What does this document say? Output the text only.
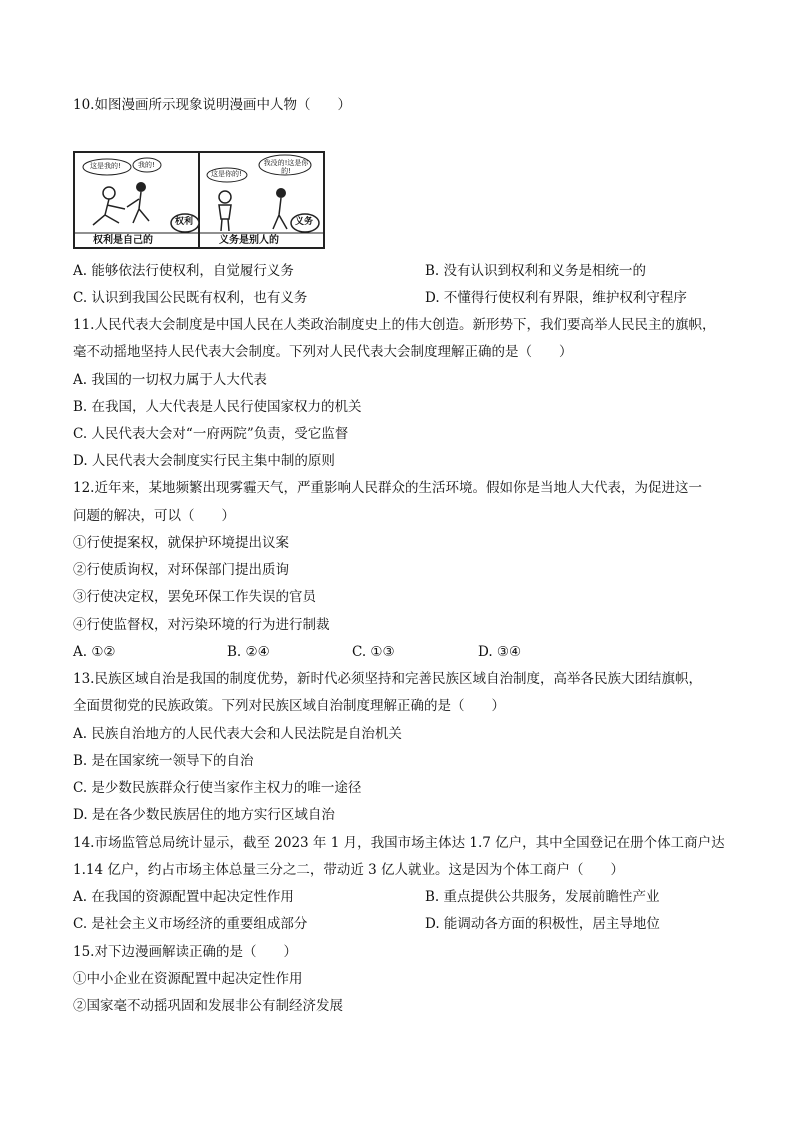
10.如图漫画所示现象说明漫画中人物（　　）
这是我的! 我的!
这是你的!
我没的!这是你的!
权利	义务
权利是自己的	义务是别人的
A. 能够依法行使权利，自觉履行义务	B. 没有认识到权利和义务是相统一的
C. 认识到我国公民既有权利，也有义务	D. 不懂得行使权利有界限，维护权利守程序
11.人民代表大会制度是中国人民在人类政治制度史上的伟大创造。新形势下，我们要高举人民民主的旗帜，
毫不动摇地坚持人民代表大会制度。下列对人民代表大会制度理解正确的是（　　）
A. 我国的一切权力属于人大代表
B. 在我国，人大代表是人民行使国家权力的机关
C. 人民代表大会对“一府两院”负责，受它监督
D. 人民代表大会制度实行民主集中制的原则
12.近年来，某地频繁出现雾霾天气，严重影响人民群众的生活环境。假如你是当地人大代表，为促进这一
问题的解决，可以（　　）
①行使提案权，就保护环境提出议案
②行使质询权，对环保部门提出质询
③行使决定权，罢免环保工作失误的官员
④行使监督权，对污染环境的行为进行制裁
A. ①②	B. ②④	C. ①③	D. ③④
13.民族区域自治是我国的制度优势，新时代必须坚持和完善民族区域自治制度，高举各民族大团结旗帜，
全面贯彻党的民族政策。下列对民族区域自治制度理解正确的是（　　）
A. 民族自治地方的人民代表大会和人民法院是自治机关
B. 是在国家统一领导下的自治
C. 是少数民族群众行使当家作主权力的唯一途径
D. 是在各少数民族居住的地方实行区域自治
14.市场监管总局统计显示，截至 2023 年 1 月，我国市场主体达 1.7 亿户，其中全国登记在册个体工商户达
1.14 亿户，约占市场主体总量三分之二，带动近 3 亿人就业。这是因为个体工商户（　　）
A. 在我国的资源配置中起决定性作用	B. 重点提供公共服务，发展前瞻性产业
C. 是社会主义市场经济的重要组成部分	D. 能调动各方面的积极性，居主导地位
15.对下边漫画解读正确的是（　　）
①中小企业在资源配置中起决定性作用
②国家毫不动摇巩固和发展非公有制经济发展
